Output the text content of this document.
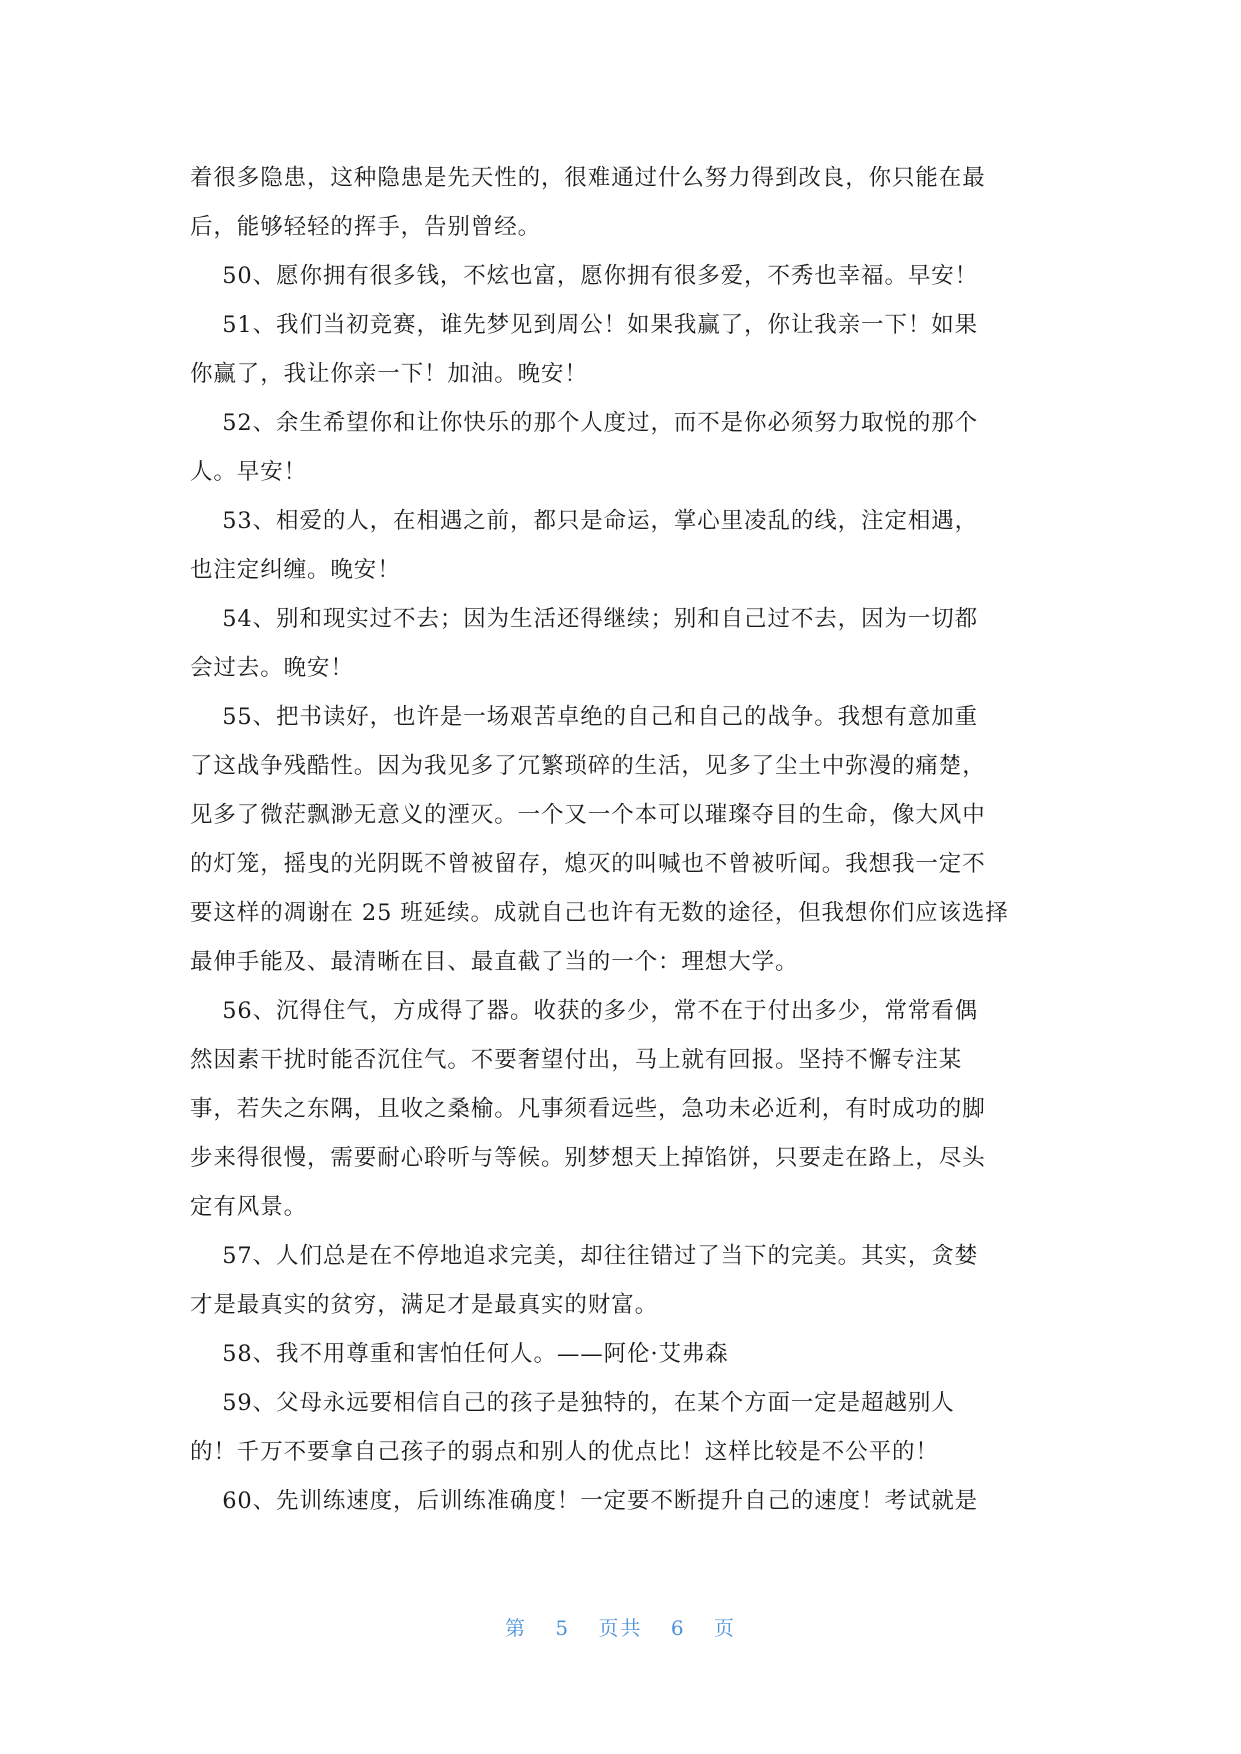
着很多隐患，这种隐患是先天性的，很难通过什么努力得到改良，你只能在最
后，能够轻轻的挥手，告别曾经。
50、愿你拥有很多钱，不炫也富，愿你拥有很多爱，不秀也幸福。早安！
51、我们当初竞赛，谁先梦见到周公！如果我赢了，你让我亲一下！如果
你赢了，我让你亲一下！加油。晚安！
52、余生希望你和让你快乐的那个人度过，而不是你必须努力取悦的那个
人。早安！
53、相爱的人，在相遇之前，都只是命运，掌心里凌乱的线，注定相遇，
也注定纠缠。晚安！
54、别和现实过不去；因为生活还得继续；别和自己过不去，因为一切都
会过去。晚安！
55、把书读好，也许是一场艰苦卓绝的自己和自己的战争。我想有意加重
了这战争残酷性。因为我见多了冗繁琐碎的生活，见多了尘土中弥漫的痛楚，
见多了微茫飘渺无意义的湮灭。一个又一个本可以璀璨夺目的生命，像大风中
的灯笼，摇曳的光阴既不曾被留存，熄灭的叫喊也不曾被听闻。我想我一定不
要这样的凋谢在 25 班延续。成就自己也许有无数的途径，但我想你们应该选择
最伸手能及、最清晰在目、最直截了当的一个：理想大学。
56、沉得住气，方成得了器。收获的多少，常不在于付出多少，常常看偶
然因素干扰时能否沉住气。不要奢望付出，马上就有回报。坚持不懈专注某
事，若失之东隅，且收之桑榆。凡事须看远些，急功未必近利，有时成功的脚
步来得很慢，需要耐心聆听与等候。别梦想天上掉馅饼，只要走在路上，尽头
定有风景。
57、人们总是在不停地追求完美，却往往错过了当下的完美。其实，贪婪
才是最真实的贫穷，满足才是最真实的财富。
58、我不用尊重和害怕任何人。——阿伦·艾弗森
59、父母永远要相信自己的孩子是独特的，在某个方面一定是超越别人
的！千万不要拿自己孩子的弱点和别人的优点比！这样比较是不公平的！
60、先训练速度，后训练准确度！一定要不断提升自己的速度！考试就是
第 5 页共 6 页
